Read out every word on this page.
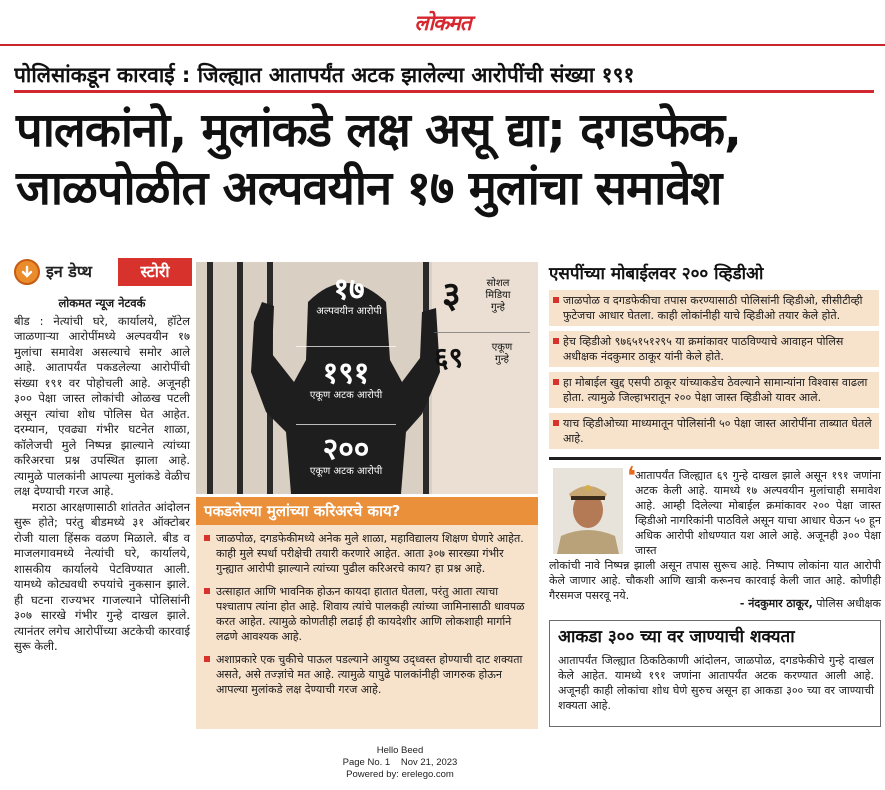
लोकमत
पोलिसांकडून कारवाई : जिल्ह्यात आतापर्यंत अटक झालेल्या आरोपींची संख्या १९१
पालकांनो, मुलांकडे लक्ष असू द्या; दगडफेक,
जाळपोळीत अल्पवयीन १७ मुलांचा समावेश
इन डेप्थ	स्टोरी
लोकमत न्यूज नेटवर्क

बीड : नेत्यांची घरे, कार्यालये, हॉटेल जाळणाऱ्या आरोपींमध्ये अल्पवयीन १७ मुलांचा समावेश असल्याचे समोर आले आहे. आतापर्यंत पकडलेल्या आरोपींची संख्या १९१ वर पोहोचली आहे. अजूनही ३०० पेक्षा जास्त लोकांची ओळख पटली असून त्यांचा शोध पोलिस घेत आहेत. दरम्यान, एवढ्या गंभीर घटनेत शाळा, कॉलेजची मुले निष्पन्न झाल्याने त्यांच्या करिअरचा प्रश्न उपस्थित झाला आहे. त्यामुळे पालकांनी आपल्या मुलांकडे वेळीच लक्ष देण्याची गरज आहे.

मराठा आरक्षणासाठी शांततेत आंदोलन सुरू होते; परंतु बीडमध्ये ३१ ऑक्टोबर रोजी याला हिंसक वळण मिळाले. बीड व माजलगावमध्ये नेत्यांची घरे, कार्यालये, शासकीय कार्यालये पेटविण्यात आली. यामध्ये कोट्यवधी रुपयांचे नुकसान झाले. ही घटना राज्यभर गाजल्याने पोलिसांनी ३०७ सारखे गंभीर गुन्हे दाखल झाले. त्यानंतर लगेच आरोपींच्या अटकेची कारवाई सुरू केली.

१७
अल्पवयीन आरोपी
१९१
एकूण अटक आरोपी
२००
एकूण अटक आरोपी
३	सोशल
मिडिया
गुन्हे
६९	एकूण
गुन्हे
पकडलेल्या मुलांच्या करिअरचे काय?
जाळपोळ, दगडफेकीमध्ये अनेक मुले शाळा, महाविद्यालय शिक्षण घेणारे आहेत. काही मुले स्पर्धा परीक्षेची तयारी करणारे आहेत. आता ३०७ सारख्या गंभीर गुन्ह्यात आरोपी झाल्याने त्यांच्या पुढील करिअरचे काय? हा प्रश्न आहे.
उत्साहात आणि भावनिक होऊन कायदा हातात घेतला, परंतु आता त्याचा पश्चाताप त्यांना होत आहे. शिवाय त्यांचे पालकही त्यांच्या जामिनासाठी धावपळ करत आहेत. त्यामुळे कोणतीही लढाई ही कायदेशीर आणि लोकशाही मार्गाने लढणे आवश्यक आहे.
अशाप्रकारे एक चुकीचे पाऊल पडल्याने आयुष्य उद्ध्वस्त होण्याची दाट शक्यता असते, असे तज्ज्ञांचे मत आहे. त्यामुळे यापुढे पालकांनीही जागरुक होऊन आपल्या मुलांकडे लक्ष देण्याची गरज आहे.
एसपींच्या मोबाईलवर २०० व्हिडीओ
जाळपोळ व दगडफेकीचा तपास करण्यासाठी पोलिसांनी व्हिडीओ, सीसीटीव्ही फुटेजचा आधार घेतला. काही लोकांनीही याचे व्हिडीओ तयार केले होते.
हेच व्हिडीओ ९७६५१५१२९५ या क्रमांकावर पाठविण्याचे आवाहन पोलिस अधीक्षक नंदकुमार ठाकूर यांनी केले होते.
हा मोबाईल खुद्द एसपी ठाकूर यांच्याकडेच ठेवल्याने सामान्यांना विश्वास वाढला होता. त्यामुळे जिल्हाभरातून २०० पेक्षा जास्त व्हिडीओ यावर आले.
याच व्हिडीओच्या माध्यमातून पोलिसांनी ५० पेक्षा जास्त आरोपींना ताब्यात घेतले आहे.
❛
आतापर्यंत जिल्ह्यात ६९ गुन्हे दाखल झाले असून १९१ जणांना अटक केली आहे. यामध्ये १७ अल्पवयीन मुलांचाही समावेश आहे. आम्ही दिलेल्या मोबाईल क्रमांकावर २०० पेक्षा जास्त व्हिडीओ नागरिकांनी पाठविले असून याचा आधार घेऊन ५० हून अधिक आरोपी शोधण्यात यश आले आहे. अजूनही ३०० पेक्षा जास्त
लोकांची नावे निष्पन्न झाली असून तपास सुरूच आहे. निष्पाप लोकांना यात आरोपी केले जाणार आहे. चौकशी आणि खात्री करूनच कारवाई केली जात आहे. कोणीही गैरसमज पसरवू नये.
- नंदकुमार ठाकूर, पोलिस अधीक्षक
आकडा ३०० च्या वर जाण्याची शक्यता
आतापर्यंत जिल्ह्यात ठिकठिकाणी आंदोलन, जाळपोळ, दगडफेकीचे गुन्हे दाखल केले आहेत. यामध्ये १९१ जणांना आतापर्यंत अटक करण्यात आली आहे. अजूनही काही लोकांचा शोध घेणे सुरुच असून हा आकडा ३०० च्या वर जाण्याची शक्यता आहे.
Hello Beed
Page No. 1 Nov 21, 2023
Powered by: erelego.com
